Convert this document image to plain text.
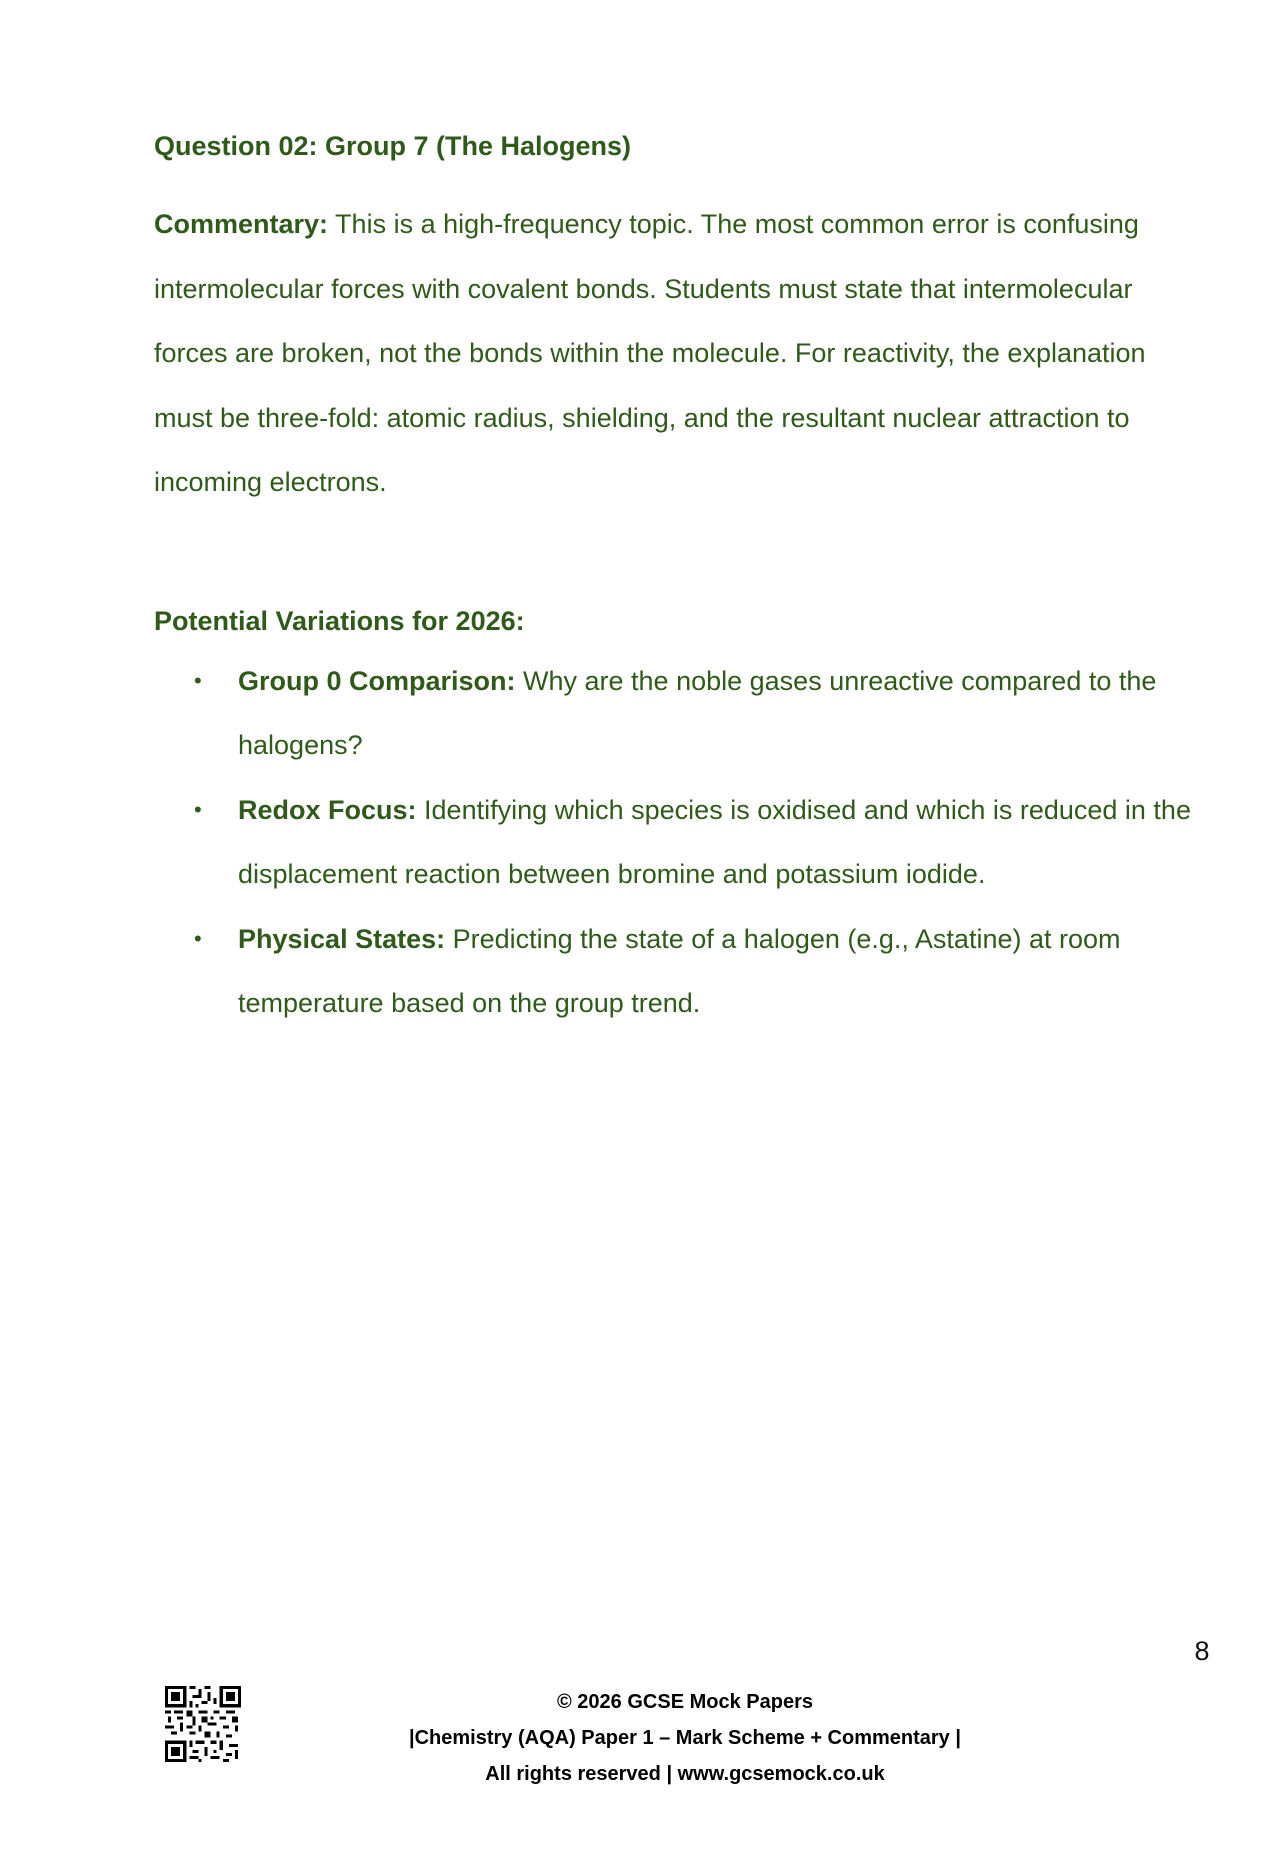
Question 02: Group 7 (The Halogens)

Commentary: This is a high-frequency topic. The most common error is confusing intermolecular forces with covalent bonds. Students must state that intermolecular forces are broken, not the bonds within the molecule. For reactivity, the explanation must be three-fold: atomic radius, shielding, and the resultant nuclear attraction to incoming electrons.

Potential Variations for 2026:

• Group 0 Comparison: Why are the noble gases unreactive compared to the halogens?
• Redox Focus: Identifying which species is oxidised and which is reduced in the displacement reaction between bromine and potassium iodide.
• Physical States: Predicting the state of a halogen (e.g., Astatine) at room temperature based on the group trend.
8
© 2026 GCSE Mock Papers
|Chemistry (AQA) Paper 1 – Mark Scheme + Commentary |
All rights reserved | www.gcsemock.co.uk
